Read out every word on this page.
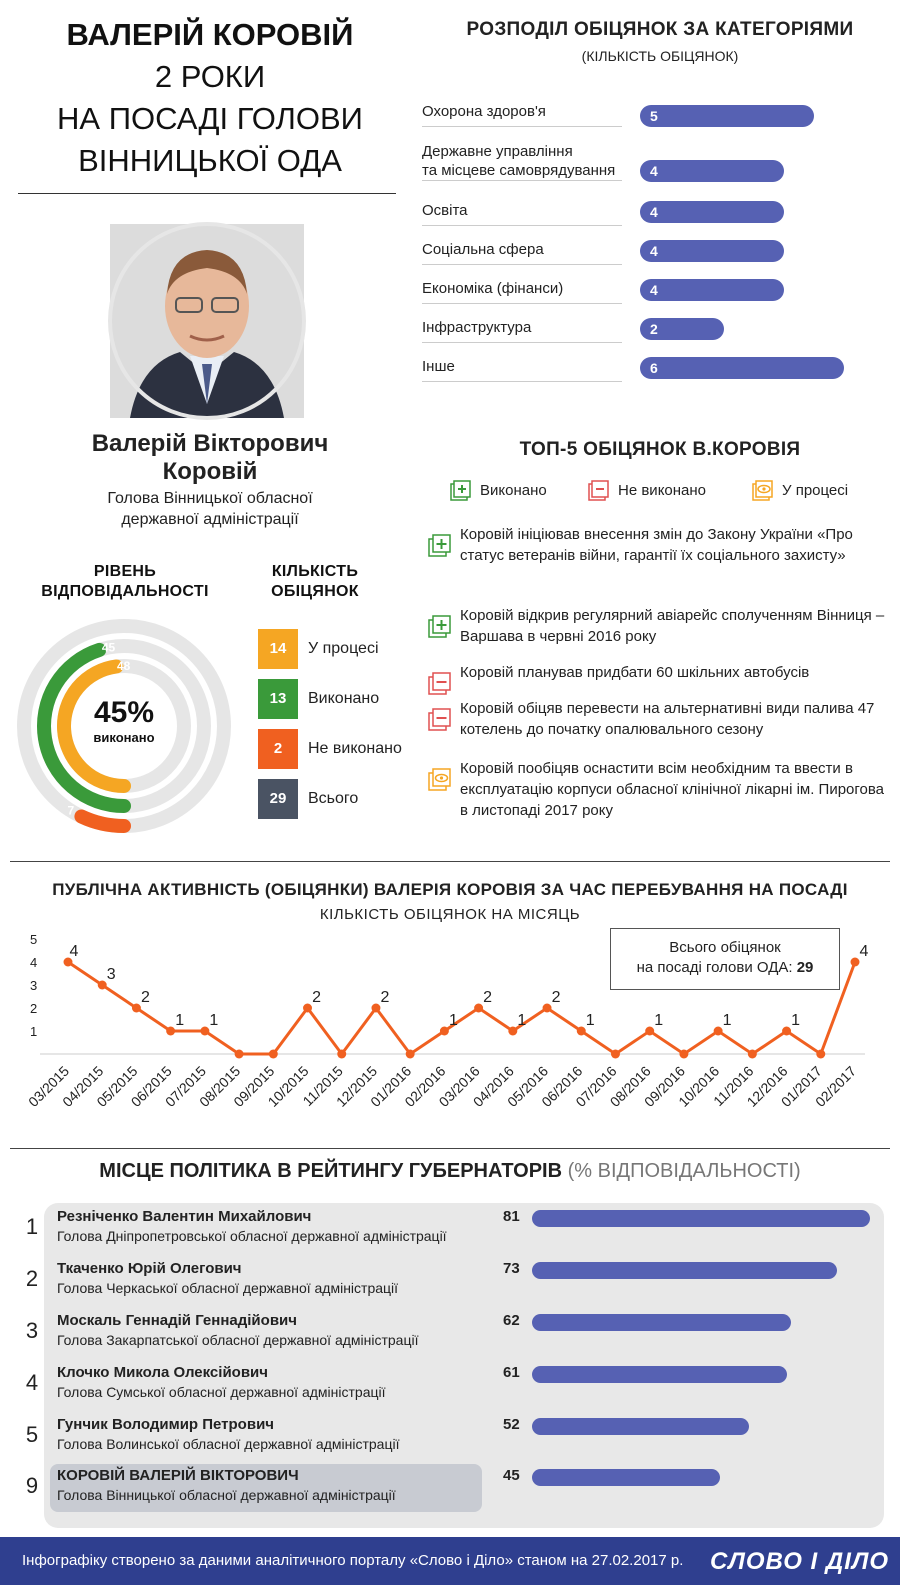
ВАЛЕРІЙ КОРОВІЙ
2 РОКИ
НА ПОСАДІ ГОЛОВИ
ВІННИЦЬКОЇ ОДА
Валерій Вікторович
Коровій
Голова Вінницької обласної
державної адміністрації
РІВЕНЬ
ВІДПОВІДАЛЬНОСТІ
45
48
7
45%
виконано
КІЛЬКІСТЬ
ОБІЦЯНОК
14	У процесі
13	Виконано
2	Не виконано
29	Всього
РОЗПОДІЛ ОБІЦЯНОК ЗА КАТЕГОРІЯМИ
(КІЛЬКІСТЬ ОБІЦЯНОК)
Охорона здоров'я	5
Державне управління
та місцеве самоврядування	4
Освіта	4
Соціальна сфера	4
Економіка (фінанси)	4
Інфраструктура	2
Інше	6
ТОП-5 ОБІЦЯНОК В.КОРОВІЯ
Виконано	Не виконано	У процесі
Коровій ініціював внесення змін до Закону України «Про статус ветеранів війни, гарантії їх соціального захисту»
Коровій відкрив регулярний авіарейс сполученням Вінниця – Варшава в червні 2016 року
Коровій планував придбати 60 шкільних автобусів
Коровій обіцяв перевести на альтернативні види палива 47 котелень до початку опалювального сезону
Коровій пообіцяв оснастити всім необхідним та ввести в експлуатацію корпуси обласної клінічної лікарні ім. Пирогова в листопаді 2017 року
ПУБЛІЧНА АКТИВНІСТЬ (ОБІЦЯНКИ) ВАЛЕРІЯ КОРОВІЯ ЗА ЧАС ПЕРЕБУВАННЯ НА ПОСАДІ
КІЛЬКІСТЬ ОБІЦЯНОК НА МІСЯЦЬ
Всього обіцянок
на посаді голови ОДА: 29
1
2
3
4
5
4
03/2015
3
04/2015
2
05/2015
1
06/2015
1
07/2015
08/2015
09/2015
2
10/2015
11/2015
2
12/2015
01/2016
1
02/2016
2
03/2016
1
04/2016
2
05/2016
1
06/2016
07/2016
1
08/2016
09/2016
1
10/2016
11/2016
1
12/2016
01/2017
4
02/2017
МІСЦЕ ПОЛІТИКА В РЕЙТИНГУ ГУБЕРНАТОРІВ (% ВІДПОВІДАЛЬНОСТІ)
1 Резніченко Валентин Михайлович
Голова Дніпропетровської обласної державної адміністрації
81
2 Ткаченко Юрій Олегович
Голова Черкаської обласної державної адміністрації
73
3 Москаль Геннадій Геннадійович
Голова Закарпатської обласної державної адміністрації
62
4 Клочко Микола Олексійович
Голова Сумської обласної державної адміністрації
61
5 Гунчик Володимир Петрович
Голова Волинської обласної державної адміністрації
52
9 КОРОВІЙ ВАЛЕРІЙ ВІКТОРОВИЧ
Голова Вінницької обласної державної адміністрації
45
Інфографіку створено за даними аналітичного порталу «Слово і Діло» станом на 27.02.2017 р. СЛОВО І ДІЛО
